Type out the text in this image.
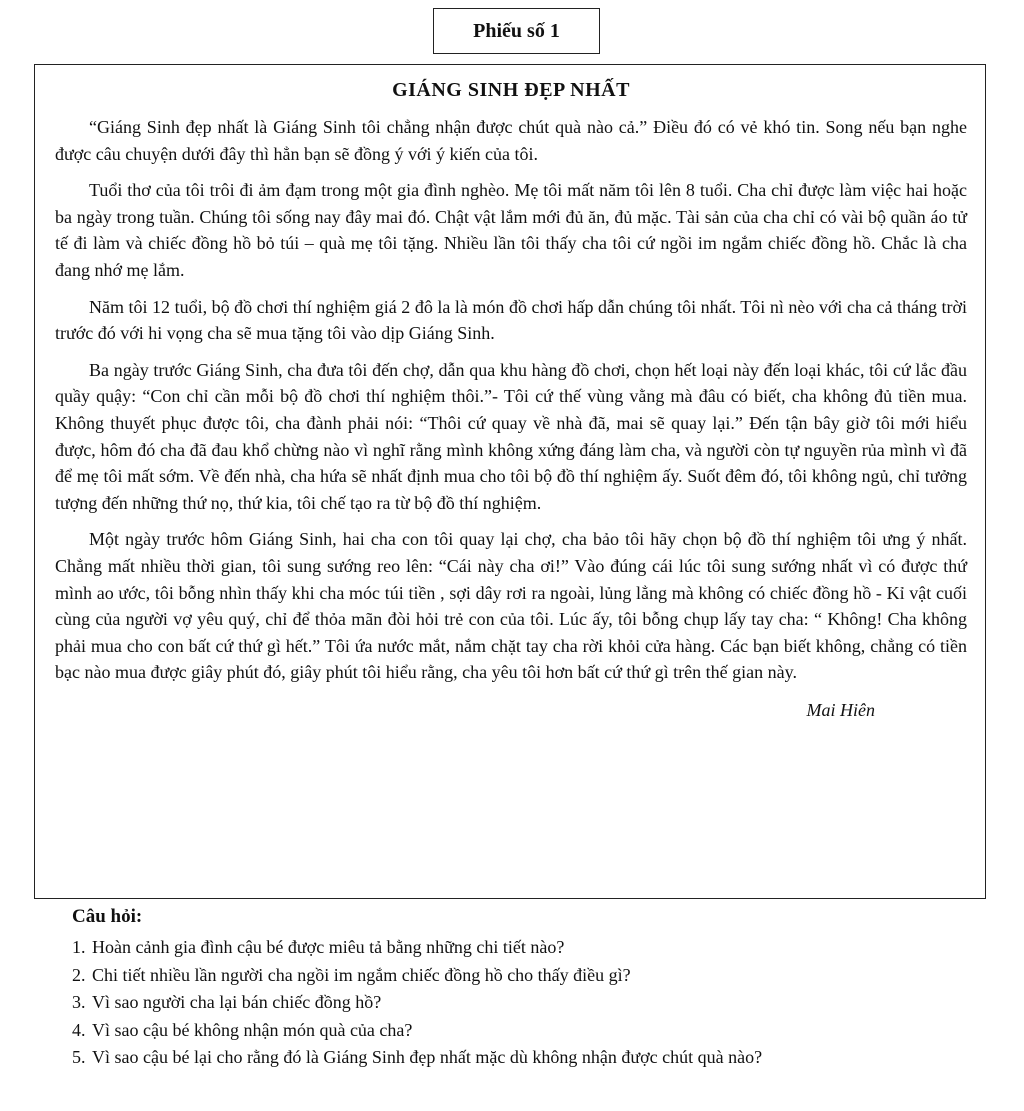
Phiếu số 1
GIÁNG SINH ĐẸP NHẤT

“Giáng Sinh đẹp nhất là Giáng Sinh tôi chẳng nhận được chút quà nào cả.” Điều đó có vẻ khó tin. Song nếu bạn nghe được câu chuyện dưới đây thì hẳn bạn sẽ đồng ý với ý kiến của tôi.

Tuổi thơ của tôi trôi đi ảm đạm trong một gia đình nghèo. Mẹ tôi mất năm tôi lên 8 tuổi. Cha chỉ được làm việc hai hoặc ba ngày trong tuần. Chúng tôi sống nay đây mai đó. Chật vật lắm mới đủ ăn, đủ mặc. Tài sản của cha chỉ có vài bộ quần áo tử tế đi làm và chiếc đồng hồ bỏ túi – quà mẹ tôi tặng. Nhiều lần tôi thấy cha tôi cứ ngồi im ngắm chiếc đồng hồ. Chắc là cha đang nhớ mẹ lắm.

Năm tôi 12 tuổi, bộ đồ chơi thí nghiệm giá 2 đô la là món đồ chơi hấp dẫn chúng tôi nhất. Tôi nì nèo với cha cả tháng trời trước đó với hi vọng cha sẽ mua tặng tôi vào dịp Giáng Sinh.

Ba ngày trước Giáng Sinh, cha đưa tôi đến chợ, dẫn qua khu hàng đồ chơi, chọn hết loại này đến loại khác, tôi cứ lắc đầu quầy quậy: “Con chỉ cần mỗi bộ đồ chơi thí nghiệm thôi.”- Tôi cứ thế vùng vằng mà đâu có biết, cha không đủ tiền mua. Không thuyết phục được tôi, cha đành phải nói: “Thôi cứ quay về nhà đã, mai sẽ quay lại.” Đến tận bây giờ tôi mới hiểu được, hôm đó cha đã đau khổ chừng nào vì nghĩ rằng mình không xứng đáng làm cha, và người còn tự nguyền rủa mình vì đã để mẹ tôi mất sớm. Về đến nhà, cha hứa sẽ nhất định mua cho tôi bộ đồ thí nghiệm ấy. Suốt đêm đó, tôi không ngủ, chỉ tưởng tượng đến những thứ nọ, thứ kia, tôi chế tạo ra từ bộ đồ thí nghiệm.

Một ngày trước hôm Giáng Sinh, hai cha con tôi quay lại chợ, cha bảo tôi hãy chọn bộ đồ thí nghiệm tôi ưng ý nhất. Chẳng mất nhiều thời gian, tôi sung sướng reo lên: “Cái này cha ơi!” Vào đúng cái lúc tôi sung sướng nhất vì có được thứ mình ao ước, tôi bỗng nhìn thấy khi cha móc túi tiền , sợi dây rơi ra ngoài, lủng lẳng mà không có chiếc đồng hồ - Kỉ vật cuối cùng của người vợ yêu quý, chỉ để thỏa mãn đòi hỏi trẻ con của tôi. Lúc ấy, tôi bỗng chụp lấy tay cha: “ Không! Cha không phải mua cho con bất cứ thứ gì hết.” Tôi ứa nước mắt, nắm chặt tay cha rời khỏi cửa hàng. Các bạn biết không, chẳng có tiền bạc nào mua được giây phút đó, giây phút tôi hiểu rằng, cha yêu tôi hơn bất cứ thứ gì trên thế gian này.

Mai Hiên
Câu hỏi:
1. Hoàn cảnh gia đình cậu bé được miêu tả bằng những chi tiết nào?
2. Chi tiết nhiều lần người cha ngồi im ngắm chiếc đồng hồ cho thấy điều gì?
3. Vì sao người cha lại bán chiếc đồng hồ?
4. Vì sao cậu bé không nhận món quà của cha?
5. Vì sao cậu bé lại cho rằng đó là Giáng Sinh đẹp nhất mặc dù không nhận được chút quà nào?
